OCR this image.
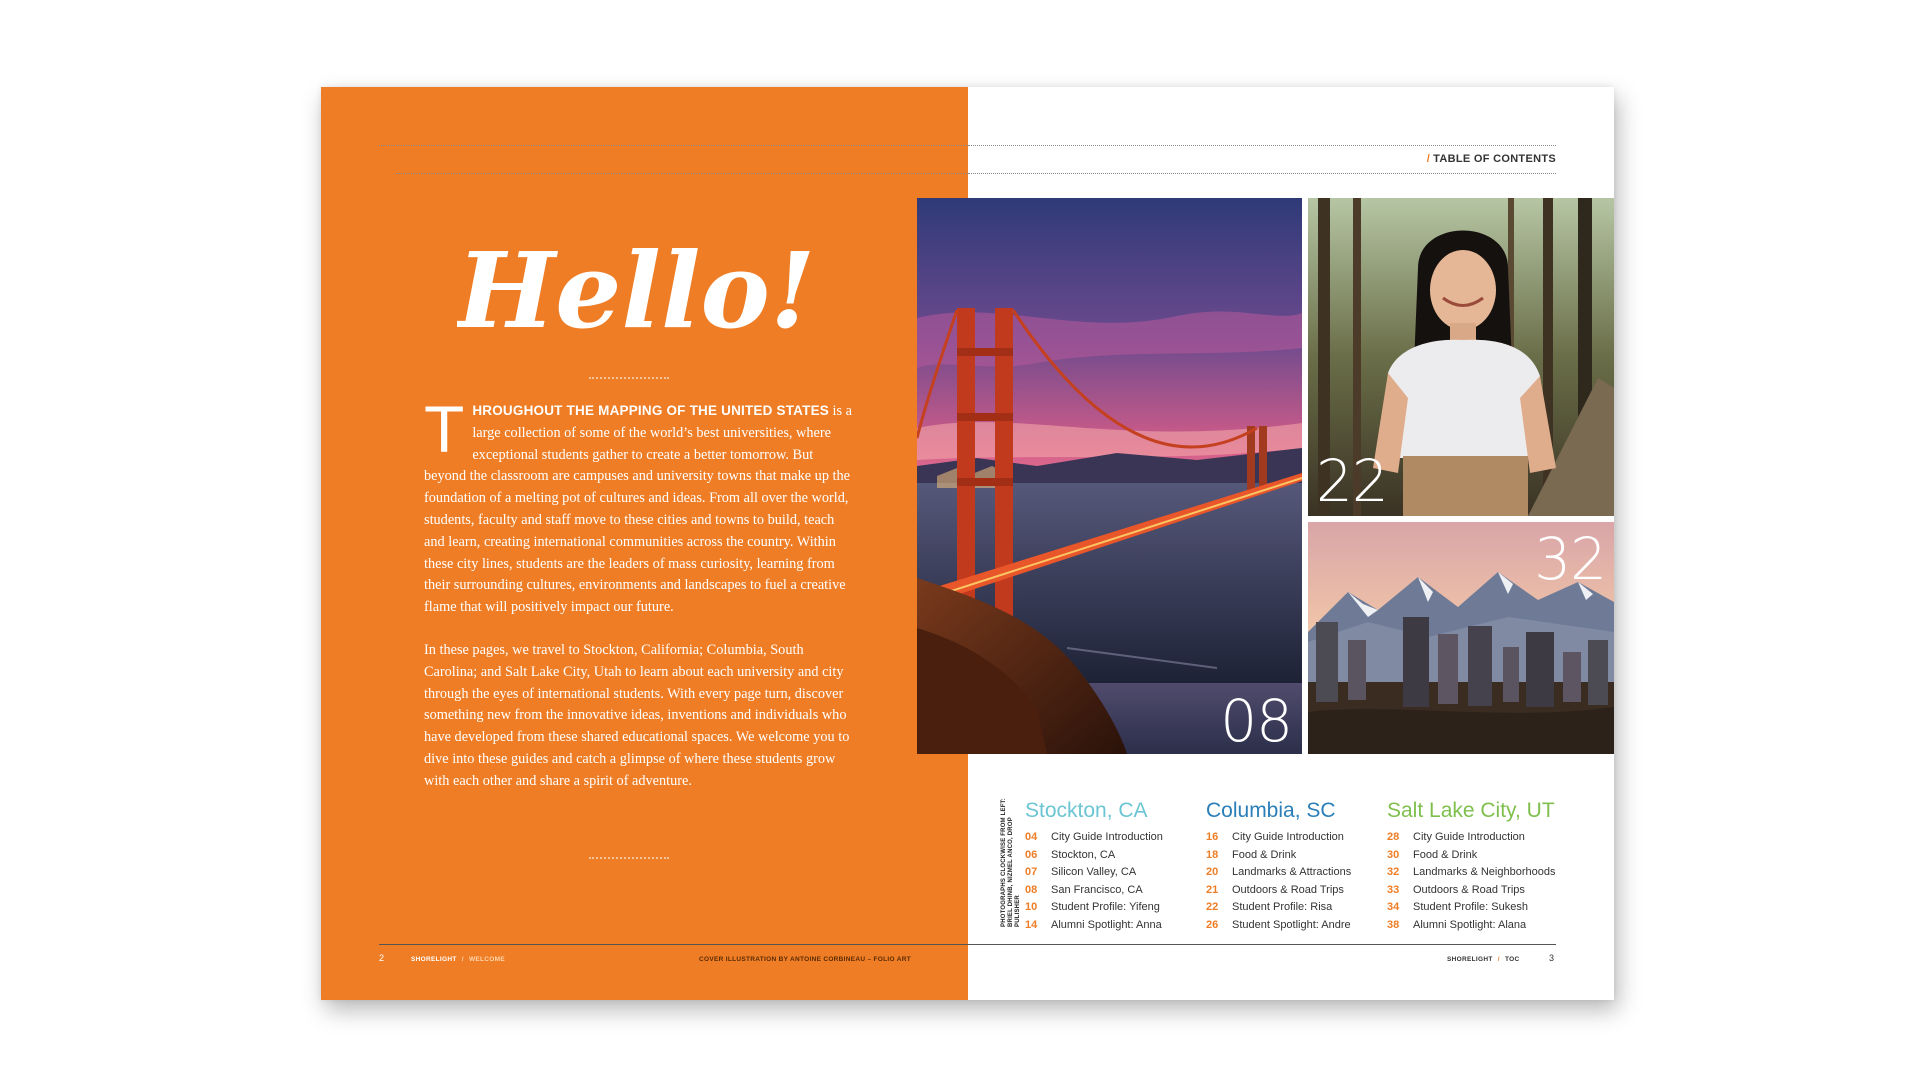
Hello!

THROUGHOUT THE MAPPING OF THE UNITED STATES is a large collection of some of the world’s best universities, where exceptional students gather to create a better tomorrow. But beyond the classroom are campuses and university towns that make up the foundation of a melting pot of cultures and ideas. From all over the world, students, faculty and staff move to these cities and towns to build, teach and learn, creating international communities across the country. Within these city lines, students are the leaders of mass curiosity, learning from their surrounding cultures, environments and landscapes to fuel a creative flame that will positively impact our future.

In these pages, we travel to Stockton, California; Columbia, South Carolina; and Salt Lake City, Utah to learn about each university and city through the eyes of international students. With every page turn, discover something new from the innovative ideas, inventions and individuals who have developed from these shared educational spaces. We welcome you to dive into these guides and catch a glimpse of where these students grow with each other and share a spirit of adventure.

2	SHORELIGHT / WELCOME	COVER ILLUSTRATION BY ANTOINE CORBINEAU – FOLIO ART
/ TABLE OF CONTENTS
08
22
32
PHOTOGRAPHS CLOCKWISE FROM LEFT: BRIEL DHINB, NIZMEL ANCO, DROP PULISHER
Stockton, CA
04 City Guide Introduction
06 Stockton, CA
07 Silicon Valley, CA
08 San Francisco, CA
10 Student Profile: Yifeng
14 Alumni Spotlight: Anna
Columbia, SC
16 City Guide Introduction
18 Food & Drink
20 Landmarks & Attractions
21 Outdoors & Road Trips
22 Student Profile: Risa
26 Student Spotlight: Andre
Salt Lake City, UT
28 City Guide Introduction
30 Food & Drink
32 Landmarks & Neighborhoods
33 Outdoors & Road Trips
34 Student Profile: Sukesh
38 Alumni Spotlight: Alana
SHORELIGHT / TOC	3
